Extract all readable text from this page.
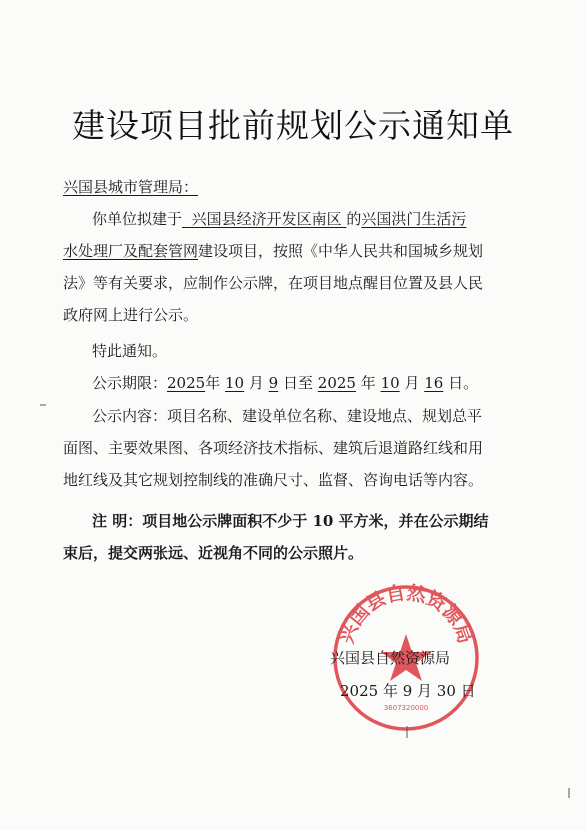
建设项目批前规划公示通知单
兴国县城市管理局：
你单位拟建于 兴国县经济开发区南区 的兴国洪门生活污
水处理厂及配套管网建设项目，按照《中华人民共和国城乡规划
法》等有关要求，应制作公示牌，在项目地点醒目位置及县人民
政府网上进行公示。
特此通知。
公示期限：2025年 10 月 9 日至 2025 年 10 月 16 日。
公示内容：项目名称、建设单位名称、建设地点、规划总平
面图、主要效果图、各项经济技术指标、建筑后退道路红线和用
地红线及其它规划控制线的准确尺寸、监督、咨询电话等内容。
注 明：项目地公示牌面积不少于 10 平方米，并在公示期结
束后，提交两张远、近视角不同的公示照片。
兴国县自然资源局
3607320000
兴国县自然资源局
2025 年 9 月 30 日
